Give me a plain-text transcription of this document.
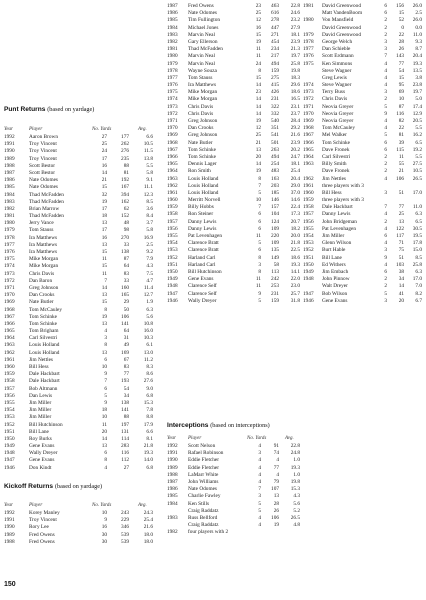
Punt Returns (based on yardage)
Year	Player	No. Yards	Avg.
1992	Aaron Brown	27	177	6.6
1991	Troy Vincent	25	262	10.5
1990	Troy Vincent	24	276	11.5
1989	Troy Vincent	17	235	13.8
1988	Scott Bestor	16	88	5.5
1987	Scott Bestor	14	81	5.8
1986	Nate Odomes	21	192	9.1
1985	Nate Odomes	15	167	11.1
1984	Thad McFadden	32	394	12.3
1983	Thad McFadden	19	162	8.5
1982	Brian Marrow	17	62	3.6
1981	Thad McFadden	18	152	8.4
1980	Jerry Vance	13	48	3.7
1979	Tom Stauss	17	98	5.8
1978	Ira Matthews	16	270	16.9
1977	Ira Matthews	13	33	2.5
1976	Ira Matthews	15	138	9.2
1975	Mike Morgan	11	87	7.9
1974	Mike Morgan	15	64	4.3
1973	Chris Davis	11	83	7.5
1972	Dan Baron	7	33	4.7
1971	Greg Johnson	14	160	11.4
1970	Dan Crooks	13	165	12.7
1969	Nate Butler	15	29	1.9
1968	Tom McCauley	8	50	6.3
1967	Tom Schinke	19	106	5.6
1966	Tom Schinke	13	141	10.8
1965	Tom Brigham	4	64	16.0
1964	Carl Silvestri	3	31	10.3
1963	Louis Holland	8	49	6.1
1962	Louis Holland	13	169	13.0
1961	Jim Nettles	6	67	11.2
1960	Bill Hess	10	83	8.3
1959	Dale Hackbart	9	77	8.6
1958	Dale Hackbart	7	193	27.6
1957	Bob Altmann	6	54	9.0
1956	Dan Lewis	5	34	6.8
1955	Jim Miller	9	138	15.3
1954	Jim Miller	18	141	7.8
1953	Jim Miller	10	88	8.8
1952	Bill Hutchinson	11	197	17.9
1951	Bill Lane	20	131	6.6
1950	Roy Burks	14	114	8.1
1949	Gene Evans	13	283	21.8
1948	Wally Dreyer	6	116	19.3
1947	Gene Evans	8	112	14.0
1946	Don Kindt	4	27	6.8
Kickoff Returns (based on yardage)
Year	Player	No. Yards	Avg.
1992	Korey Manley	10	243	24.3
1991	Troy Vincent	9	229	25.4
1990	Rory Lee	16	346	21.6
1989	Fred Owens	30	539	18.0
1988	Fred Owens	30	539	18.0
150
1987	Fred Owens	23	463	22.8
1986	Nate Odomes	25	616	24.6
1985	Tim Fullington	12	278	23.2
1984	Michael Jones	16	447	27.9
1983	Marvin Neal	15	271	18.1
1982	Gary Ellerson	19	454	23.9
1981	Thad McFadden	11	234	21.3
1980	Marvin Neal	11	217	19.7
1979	Marvin Neal	24	494	25.8
1978	Wayne Souza	8	159	19.8
1977	Tom Stauss	15	275	18.3
1976	Ira Matthews	14	415	29.6
1975	Mike Morgan	23	426	18.6
1974	Mike Morgan	14	231	16.5
1973	Chris Davis	14	322	23.1
1972	Chris Davis	14	332	23.7
1971	Greg Johnson	19	540	28.4
1970	Dan Crooks	12	351	29.2
1969	Greg Johnson	25	541	21.6
1968	Nate Butler	21	501	23.9
1967	Tom Schinke	13	263	20.2
1966	Tom Schinke	20	494	24.7
1965	Dennis Lager	14	254	18.1
1964	Ron Smith	19	483	25.4
1963	Louis Holland	8	163	20.4
1962	Louis Holland	7	203	29.0
1961	Louis Holland	5	185	37.0
1960	Merritt Norvell	10	146	14.6
1959	Billy Hobbs	7	157	22.4
1958	Ron Steiner	6	104	17.3
1957	Danny Lewis	6	124	20.7
1956	Danny Lewis	6	109	18.2
1955	Pat Levenhagen	11	220	20.0
1954	Clarence Bratt	5	109	21.8
1953	Clarence Bratt	6	135	22.5
1952	Harland Carl	8	149	18.6
1951	Harland Carl	3	58	19.3
1950	Bill Hutchinson	8	113	14.1
1949	Gene Evans	11	242	22.0
1948	Clarence Self	11	253	23.0
1947	Clarence Self	9	231	25.7
1946	Wally Dreyer	5	159	31.8
Interceptions (based on interceptions)
Year Player	No. Yards	Avg.
1992	Scott Nelson	4	91	22.8
1991	Rafael Robinson	3	74	24.8
1990	Eddie Fletcher	4	4	1.0
1989	Eddie Fletcher	4	77	19.3
1988	LaMarr White	4	4	1.0
1987	John Williams	4	79	19.8
1986	Nate Odomes	7	107	15.3
1985	Charlie Fawley	3	13	4.3
1984	Ken Stills	5	28	5.6
	Craig Raddatz	5	26	5.2
1983	Russ Bellford	4	106	26.5
	Craig Raddatz	4	19	4.8
1982	four players with 2			
1981	David Greenwood	6	156	26.0
	Matt VandenBoom	6	15	2.5
1980	Von Mansfield	2	52	26.0
	David Greenwood	2	0	0.0
1979	David Greenwood	2	22	11.0
1978	George Welch	3	28	9.3
1977	Dan Schieble	3	26	8.7
1976	Scott Erdmann	7	143	20.4
1975	Ken Simmons	4	77	19.3
	Steve Wagner	4	54	13.5
	Greg Lewis	4	15	3.8
1974	Steve Wagner	4	95	23.8
1973	Terry Buss	3	69	19.7
1972	Chris Davis	2	10	5.0
1971	Neovia Greyer	5	87	17.4
1970	Neovia Greyer	9	116	12.9
1969	Neovia Greyer	4	82	20.5
1968	Tom McCauley	4	22	5.5
1967	Mel Walker	5	81	16.2
1966	Tom Schinke	6	39	6.5
1965	Dave Fronek	6	115	19.2
1964	Carl Silvestri	2	11	5.5
1963	Billy Smith	2	55	27.5
	Dave Fronek	2	21	10.5
1962	Jim Nettles	4	106	26.5
1961	three players with 3			
1960	Bill Hess	3	51	17.0
1959	three players with 3			
1958	Dale Hackbart	7	77	11.0
1957	Danny Lewis	4	25	6.3
1956	John Bridgeman	2	13	6.5
1955	Pat Levenhagen	4	122	30.5
1954	Jim Miller	6	117	19.5
1953	Glenn Wilson	4	71	17.8
1952	Burt Hable	3	75	15.0
1951	Bill Lane	9	51	8.5
1950	Ed Withers	4	103	25.8
1949	Jim Embach	6	38	6.3
1948	John Pinnow	2	34	17.0
	Walt Dreyer	2	14	7.0
1947	Bob Wilson	5	41	8.2
1946	Gene Evans	3	20	6.7
